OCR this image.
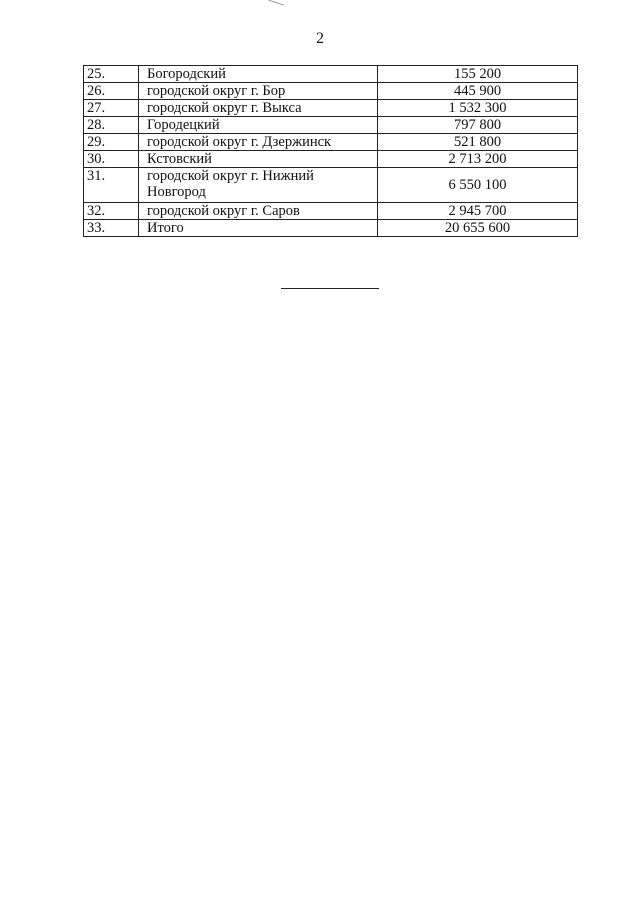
2
25.	Богородский	155 200
26.	городской округ г. Бор	445 900
27.	городской округ г. Выкса	1 532 300
28.	Городецкий	797 800
29.	городской округ г. Дзержинск	521 800
30.	Кстовский	2 713 200
31.	городской округ г. Нижний Новгород	6 550 100
32.	городской округ г. Саров	2 945 700
33.	Итого	20 655 600
